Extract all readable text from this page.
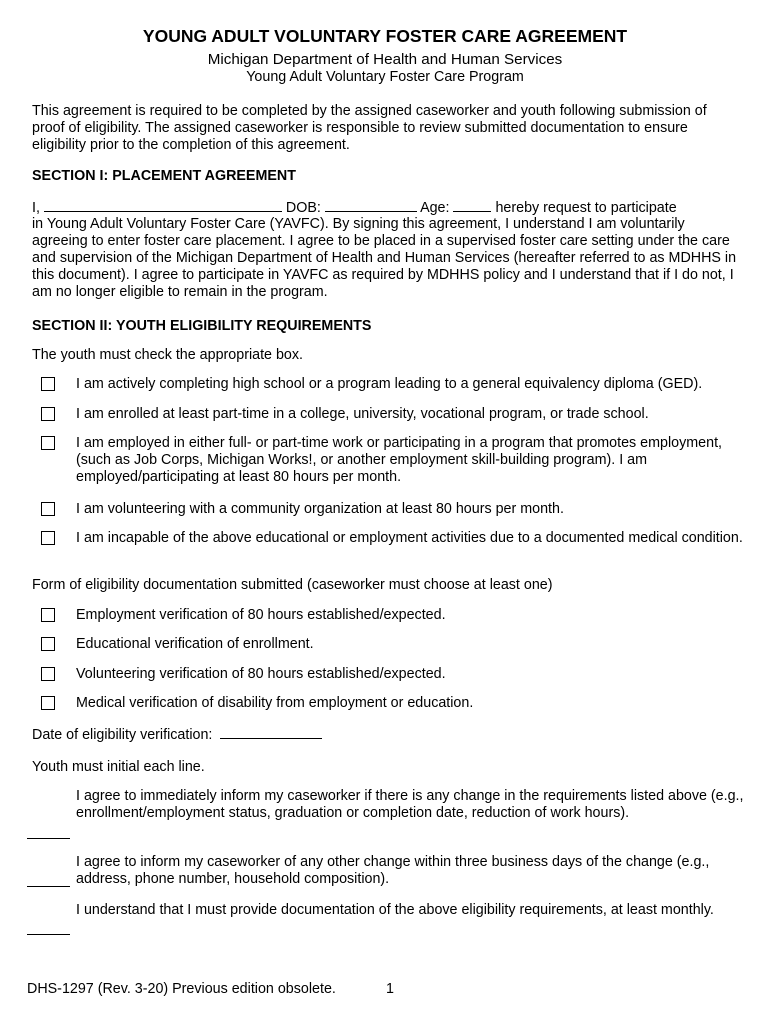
YOUNG ADULT VOLUNTARY FOSTER CARE AGREEMENT
Michigan Department of Health and Human Services
Young Adult Voluntary Foster Care Program
This agreement is required to be completed by the assigned caseworker and youth following submission of proof of eligibility. The assigned caseworker is responsible to review submitted documentation to ensure eligibility prior to the completion of this agreement.
SECTION I: PLACEMENT AGREEMENT
I,	DOB:	Age:	hereby request to participate
in Young Adult Voluntary Foster Care (YAVFC). By signing this agreement, I understand I am voluntarily agreeing to enter foster care placement. I agree to be placed in a supervised foster care setting under the care and supervision of the Michigan Department of Health and Human Services (hereafter referred to as MDHHS in this document). I agree to participate in YAVFC as required by MDHHS policy and I understand that if I do not, I am no longer eligible to remain in the program.
SECTION II: YOUTH ELIGIBILITY REQUIREMENTS
The youth must check the appropriate box.
I am actively completing high school or a program leading to a general equivalency diploma (GED).
I am enrolled at least part-time in a college, university, vocational program, or trade school.
I am employed in either full- or part-time work or participating in a program that promotes employment, (such as Job Corps, Michigan Works!, or another employment skill-building program). I am employed/participating at least 80 hours per month.
I am volunteering with a community organization at least 80 hours per month.
I am incapable of the above educational or employment activities due to a documented medical condition.
Form of eligibility documentation submitted (caseworker must choose at least one)
Employment verification of 80 hours established/expected.
Educational verification of enrollment.
Volunteering verification of 80 hours established/expected.
Medical verification of disability from employment or education.
Date of eligibility verification:
Youth must initial each line.
I agree to immediately inform my caseworker if there is any change in the requirements listed above (e.g., enrollment/employment status, graduation or completion date, reduction of work hours).
I agree to inform my caseworker of any other change within three business days of the change (e.g., address, phone number, household composition).
I understand that I must provide documentation of the above eligibility requirements, at least monthly.
DHS-1297 (Rev. 3-20) Previous edition obsolete.	1
